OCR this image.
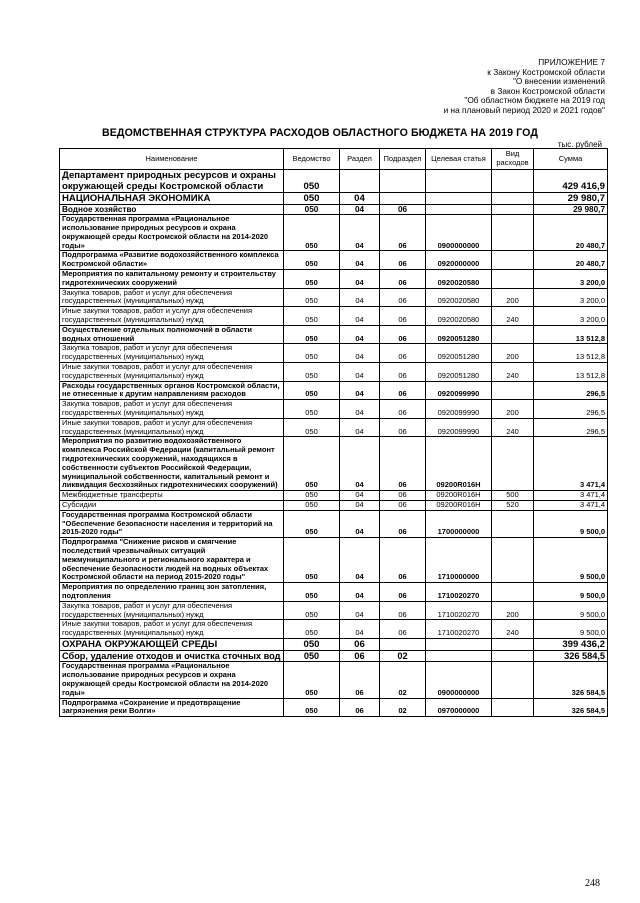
ПРИЛОЖЕНИЕ 7
к Закону Костромской области
"О внесении изменений
в Закон Костромской области
"Об областном бюджете на 2019 год
и на плановый период 2020 и 2021 годов"
ВЕДОМСТВЕННАЯ СТРУКТУРА РАСХОДОВ ОБЛАСТНОГО БЮДЖЕТА НА 2019 ГОД
тыс. рублей
Наименование	Ведомство	Раздел	Подраздел	Целевая статья	Вид расходов	Сумма
Департамент природных ресурсов и охраны окружающей среды Костромской области	050					429 416,9
НАЦИОНАЛЬНАЯ ЭКОНОМИКА	050	04				29 980,7
Водное хозяйство	050	04	06			29 980,7
Государственная программа «Рациональное использование природных ресурсов и охрана окружающей среды Костромской области на 2014-2020 годы»	050	04	06	0900000000		20 480,7
Подпрограмма «Развитие водохозяйственного комплекса Костромской области»	050	04	06	0920000000		20 480,7
Мероприятия по капитальному ремонту и строительству гидротехнических сооружений	050	04	06	0920020580		3 200,0
Закупка товаров, работ и услуг для обеспечения государственных (муниципальных) нужд	050	04	06	0920020580	200	3 200,0
Иные закупки товаров, работ и услуг для обеспечения государственных (муниципальных) нужд	050	04	06	0920020580	240	3 200,0
Осуществление отдельных полномочий в области водных отношений	050	04	06	0920051280		13 512,8
Закупка товаров, работ и услуг для обеспечения государственных (муниципальных) нужд	050	04	06	0920051280	200	13 512,8
Иные закупки товаров, работ и услуг для обеспечения государственных (муниципальных) нужд	050	04	06	0920051280	240	13 512,8
Расходы государственных органов Костромской области, не отнесенные к другим направлениям расходов	050	04	06	0920099990		296,5
Закупка товаров, работ и услуг для обеспечения государственных (муниципальных) нужд	050	04	06	0920099990	200	296,5
Иные закупки товаров, работ и услуг для обеспечения государственных (муниципальных) нужд	050	04	06	0920099990	240	296,5
Мероприятия по развитию водохозяйственного комплекса Российской Федерации (капитальный ремонт гидротехнических сооружений, находящихся в собственности субъектов Российской Федерации, муниципальной собственности, капитальный ремонт и ликвидация бесхозяйных гидротехнических сооружений)	050	04	06	09200R016H		3 471,4
Межбюджетные трансферты	050	04	06	09200R016H	500	3 471,4
Субсидии	050	04	06	09200R016H	520	3 471,4
Государственная программа Костромской области "Обеспечение безопасности населения и территорий на 2015-2020 годы"	050	04	06	1700000000		9 500,0
Подпрограмма "Снижение рисков и смягчение последствий чрезвычайных ситуаций межмуниципального и регионального характера и обеспечение безопасности людей на водных объектах Костромской области на период 2015-2020 годы"	050	04	06	1710000000		9 500,0
Мероприятия по определению границ зон затопления, подтопления	050	04	06	1710020270		9 500,0
Закупка товаров, работ и услуг для обеспечения государственных (муниципальных) нужд	050	04	06	1710020270	200	9 500,0
Иные закупки товаров, работ и услуг для обеспечения государственных (муниципальных) нужд	050	04	06	1710020270	240	9 500,0
ОХРАНА ОКРУЖАЮЩЕЙ СРЕДЫ	050	06				399 436,2
Сбор, удаление отходов и очистка сточных вод	050	06	02			326 584,5
Государственная программа «Рациональное использование природных ресурсов и охрана окружающей среды Костромской области на 2014-2020 годы»	050	06	02	0900000000		326 584,5
Подпрограмма «Сохранение и предотвращение загрязнения реки Волги»	050	06	02	0970000000		326 584,5
248
